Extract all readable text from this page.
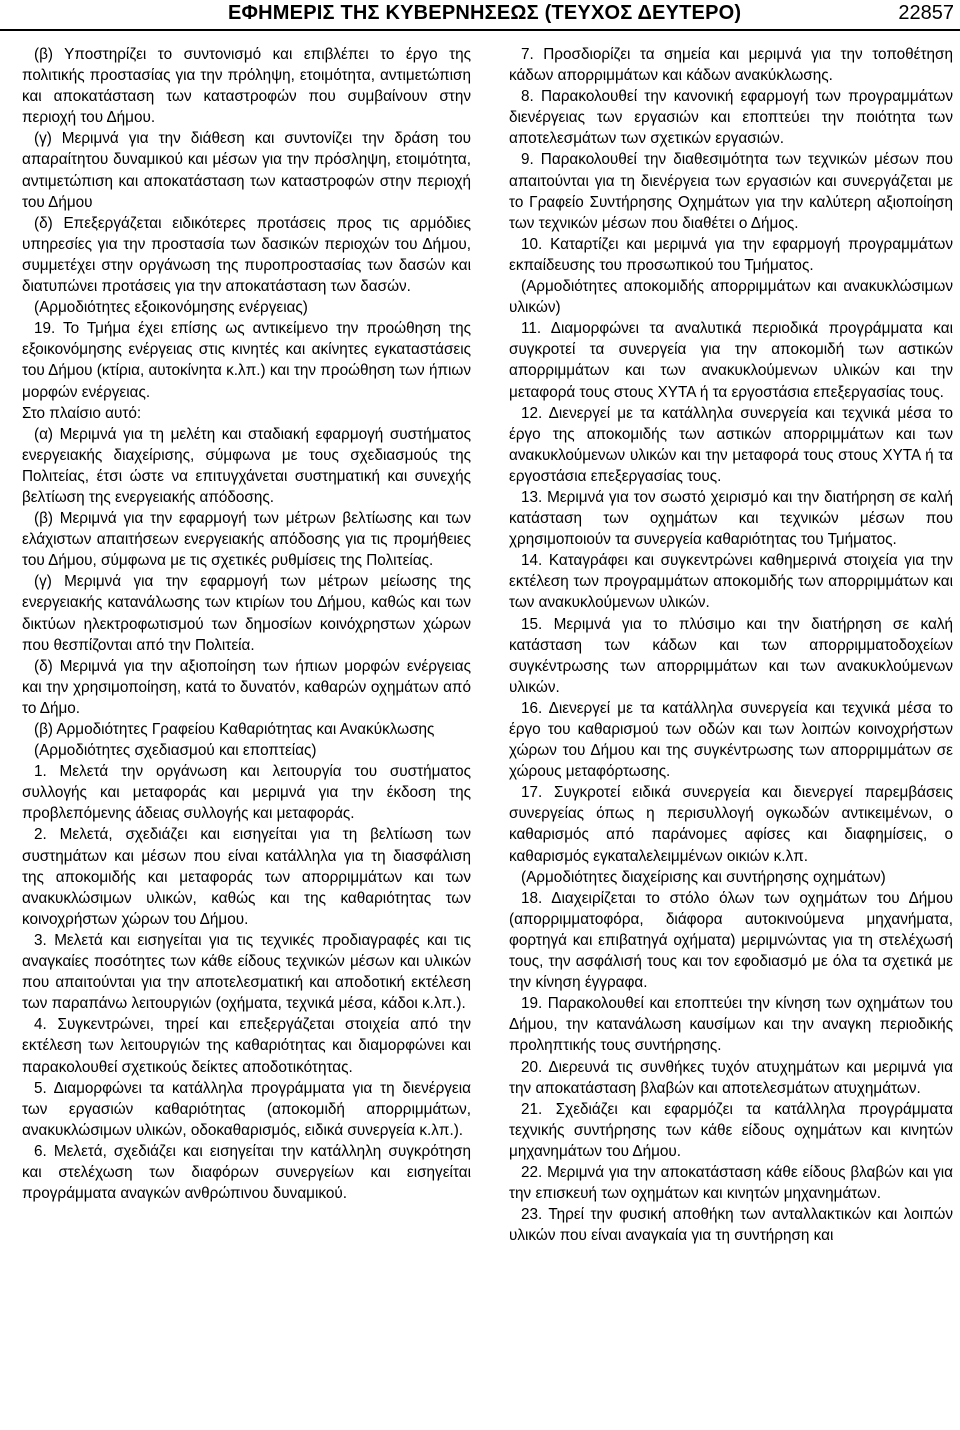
ΕΦΗΜΕΡΙΣ ΤΗΣ ΚΥΒΕΡΝΗΣΕΩΣ (ΤΕΥΧΟΣ ΔΕΥΤΕΡΟ)	22857

(β) Υποστηρίζει το συντονισμό και επιβλέπει το έργο της πολιτικής προστασίας για την πρόληψη, ετοιμότητα, αντιμετώπιση και αποκατάσταση των καταστροφών που συμβαίνουν στην περιοχή του Δήμου.

(γ) Μεριμνά για την διάθεση και συντονίζει την δράση του απαραίτητου δυναμικού και μέσων για την πρόσληψη, ετοιμότητα, αντιμετώπιση και αποκατάσταση των καταστροφών στην περιοχή του Δήμου

(δ) Επεξεργάζεται ειδικότερες προτάσεις προς τις αρμόδιες υπηρεσίες για την προστασία των δασικών περιοχών του Δήμου, συμμετέχει στην οργάνωση της πυροπροστασίας των δασών και διατυπώνει προτάσεις για την αποκατάσταση των δασών.

(Αρμοδιότητες εξοικονόμησης ενέργειας)

19. Το Τμήμα έχει επίσης ως αντικείμενο την προώθηση της εξοικονόμησης ενέργειας στις κινητές και ακίνητες εγκαταστάσεις του Δήμου (κτίρια, αυτοκίνητα κ.λπ.) και την προώθηση των ήπιων μορφών ενέργειας.

Στο πλαίσιο αυτό:

(α) Μεριμνά για τη μελέτη και σταδιακή εφαρμογή συστήματος ενεργειακής διαχείρισης, σύμφωνα με τους σχεδιασμούς της Πολιτείας, έτσι ώστε να επιτυγχάνεται συστηματική και συνεχής βελτίωση της ενεργειακής απόδοσης.

(β) Μεριμνά για την εφαρμογή των μέτρων βελτίωσης και των ελάχιστων απαιτήσεων ενεργειακής απόδοσης για τις προμήθειες του Δήμου, σύμφωνα με τις σχετικές ρυθμίσεις της Πολιτείας.

(γ) Μεριμνά για την εφαρμογή των μέτρων μείωσης της ενεργειακής κατανάλωσης των κτιρίων του Δήμου, καθώς και των δικτύων ηλεκτροφωτισμού των δημοσίων κοινόχρηστων χώρων που θεσπίζονται από την Πολιτεία.

(δ) Μεριμνά για την αξιοποίηση των ήπιων μορφών ενέργειας και την χρησιμοποίηση, κατά το δυνατόν, καθαρών οχημάτων από το Δήμο.

(β) Αρμοδιότητες Γραφείου Καθαριότητας και Ανακύκλωσης

(Αρμοδιότητες σχεδιασμού και εποπτείας)

1. Μελετά την οργάνωση και λειτουργία του συστήματος συλλογής και μεταφοράς και μεριμνά για την έκδοση της προβλεπόμενης άδειας συλλογής και μεταφοράς.

2. Μελετά, σχεδιάζει και εισηγείται για τη βελτίωση των συστημάτων και μέσων που είναι κατάλληλα για τη διασφάλιση της αποκομιδής και μεταφοράς των απορριμμάτων και των ανακυκλώσιμων υλικών, καθώς και της καθαριότητας των κοινοχρήστων χώρων του Δήμου.

3. Μελετά και εισηγείται για τις τεχνικές προδιαγραφές και τις αναγκαίες ποσότητες των κάθε είδους τεχνικών μέσων και υλικών που απαιτούνται για την αποτελεσματική και αποδοτική εκτέλεση των παραπάνω λειτουργιών (οχήματα, τεχνικά μέσα, κάδοι κ.λπ.).

4. Συγκεντρώνει, τηρεί και επεξεργάζεται στοιχεία από την εκτέλεση των λειτουργιών της καθαριότητας και διαμορφώνει και παρακολουθεί σχετικούς δείκτες αποδοτικότητας.

5. Διαμορφώνει τα κατάλληλα προγράμματα για τη διενέργεια των εργασιών καθαριότητας (αποκομιδή απορριμμάτων, ανακυκλώσιμων υλικών, οδοκαθαρισμός, ειδικά συνεργεία κ.λπ.).

6. Μελετά, σχεδιάζει και εισηγείται την κατάλληλη συγκρότηση και στελέχωση των διαφόρων συνεργείων και εισηγείται προγράμματα αναγκών ανθρώπινου δυναμικού.

7. Προσδιορίζει τα σημεία και μεριμνά για την τοποθέτηση κάδων απορριμμάτων και κάδων ανακύκλωσης.

8. Παρακολουθεί την κανονική εφαρμογή των προγραμμάτων διενέργειας των εργασιών και εποπτεύει την ποιότητα των αποτελεσμάτων των σχετικών εργασιών.

9. Παρακολουθεί την διαθεσιμότητα των τεχνικών μέσων που απαιτούνται για τη διενέργεια των εργασιών και συνεργάζεται με το Γραφείο Συντήρησης Οχημάτων για την καλύτερη αξιοποίηση των τεχνικών μέσων που διαθέτει ο Δήμος.

10. Καταρτίζει και μεριμνά για την εφαρμογή προγραμμάτων εκπαίδευσης του προσωπικού του Τμήματος.

(Αρμοδιότητες αποκομιδής απορριμμάτων και ανακυκλώσιμων υλικών)

11. Διαμορφώνει τα αναλυτικά περιοδικά προγράμματα και συγκροτεί τα συνεργεία για την αποκομιδή των αστικών απορριμμάτων και των ανακυκλούμενων υλικών και την μεταφορά τους στους ΧΥΤΑ ή τα εργοστάσια επεξεργασίας τους.

12. Διενεργεί με τα κατάλληλα συνεργεία και τεχνικά μέσα το έργο της αποκομιδής των αστικών απορριμμάτων και των ανακυκλούμενων υλικών και την μεταφορά τους στους ΧΥΤΑ ή τα εργοστάσια επεξεργασίας τους.

13. Μεριμνά για τον σωστό χειρισμό και την διατήρηση σε καλή κατάσταση των οχημάτων και τεχνικών μέσων που χρησιμοποιούν τα συνεργεία καθαριότητας του Τμήματος.

14. Καταγράφει και συγκεντρώνει καθημερινά στοιχεία για την εκτέλεση των προγραμμάτων αποκομιδής των απορριμμάτων και των ανακυκλούμενων υλικών.

15. Μεριμνά για το πλύσιμο και την διατήρηση σε καλή κατάσταση των κάδων και των απορριμματοδοχείων συγκέντρωσης των απορριμμάτων και των ανακυκλούμενων υλικών.

16. Διενεργεί με τα κατάλληλα συνεργεία και τεχνικά μέσα το έργο του καθαρισμού των οδών και των λοιπών κοινοχρήστων χώρων του Δήμου και της συγκέντρωσης των απορριμμάτων σε χώρους μεταφόρτωσης.

17. Συγκροτεί ειδικά συνεργεία και διενεργεί παρεμβάσεις συνεργείας όπως η περισυλλογή ογκωδών αντικειμένων, ο καθαρισμός από παράνομες αφίσες και διαφημίσεις, ο καθαρισμός εγκαταλελειμμένων οικιών κ.λπ.

(Αρμοδιότητες διαχείρισης και συντήρησης οχημάτων)

18. Διαχειρίζεται το στόλο όλων των οχημάτων του Δήμου (απορριμματοφόρα, διάφορα αυτοκινούμενα μηχανήματα, φορτηγά και επιβατηγά οχήματα) μεριμνώντας για τη στελέχωσή τους, την ασφάλισή τους και τον εφοδιασμό με όλα τα σχετικά με την κίνηση έγγραφα.

19. Παρακολουθεί και εποπτεύει την κίνηση των οχημάτων του Δήμου, την κατανάλωση καυσίμων και την αναγκη περιοδικής προληπτικής τους συντήρησης.

20. Διερευνά τις συνθήκες τυχόν ατυχημάτων και μεριμνά για την αποκατάσταση βλαβών και αποτελεσμάτων ατυχημάτων.

21. Σχεδιάζει και εφαρμόζει τα κατάλληλα προγράμματα τεχνικής συντήρησης των κάθε είδους οχημάτων και κινητών μηχανημάτων του Δήμου.

22. Μεριμνά για την αποκατάσταση κάθε είδους βλαβών και για την επισκευή των οχημάτων και κινητών μηχανημάτων.

23. Τηρεί την φυσική αποθήκη των ανταλλακτικών και λοιπών υλικών που είναι αναγκαία για τη συντήρηση και
